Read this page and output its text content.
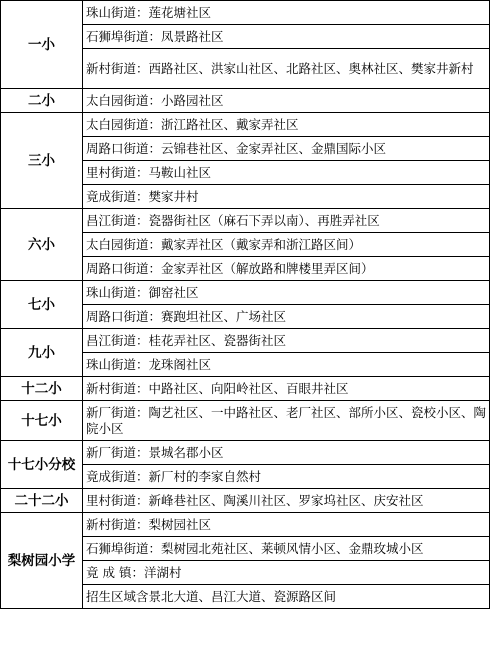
一小	珠山街道：莲花塘社区
	石狮埠街道：凤景路社区
	新村街道：西路社区、洪家山社区、北路社区、奥林社区、樊家井新村
二小	太白园街道：小路园社区
三小	太白园街道：浙江路社区、戴家弄社区
	周路口街道：云锦巷社区、金家弄社区、金鼎国际小区
	里村街道：马鞍山社区
	竟成街道：樊家井村
六小	昌江街道：瓷器街社区（麻石下弄以南）、再胜弄社区
	太白园街道：戴家弄社区（戴家弄和浙江路区间）
	周路口街道：金家弄社区（解放路和牌楼里弄区间）
七小	珠山街道：御窑社区
	周路口街道：赛跑坦社区、广场社区
九小	昌江街道：桂花弄社区、瓷器街社区
	珠山街道：龙珠阁社区
十二小	新村街道：中路社区、向阳岭社区、百眼井社区
十七小	新厂街道：陶艺社区、一中路社区、老厂社区、部所小区、瓷校小区、陶院小区
十七小分校	新厂街道：景城名郡小区
	竟成街道：新厂村的李家自然村
二十二小	里村街道：新峰巷社区、陶溪川社区、罗家坞社区、庆安社区
梨树园小学	新村街道：梨树园社区
	石狮埠街道：梨树园北苑社区、莱顿风情小区、金鼎玫城小区
	竟 成 镇：洋湖村
	招生区域含景北大道、昌江大道、瓷源路区间
